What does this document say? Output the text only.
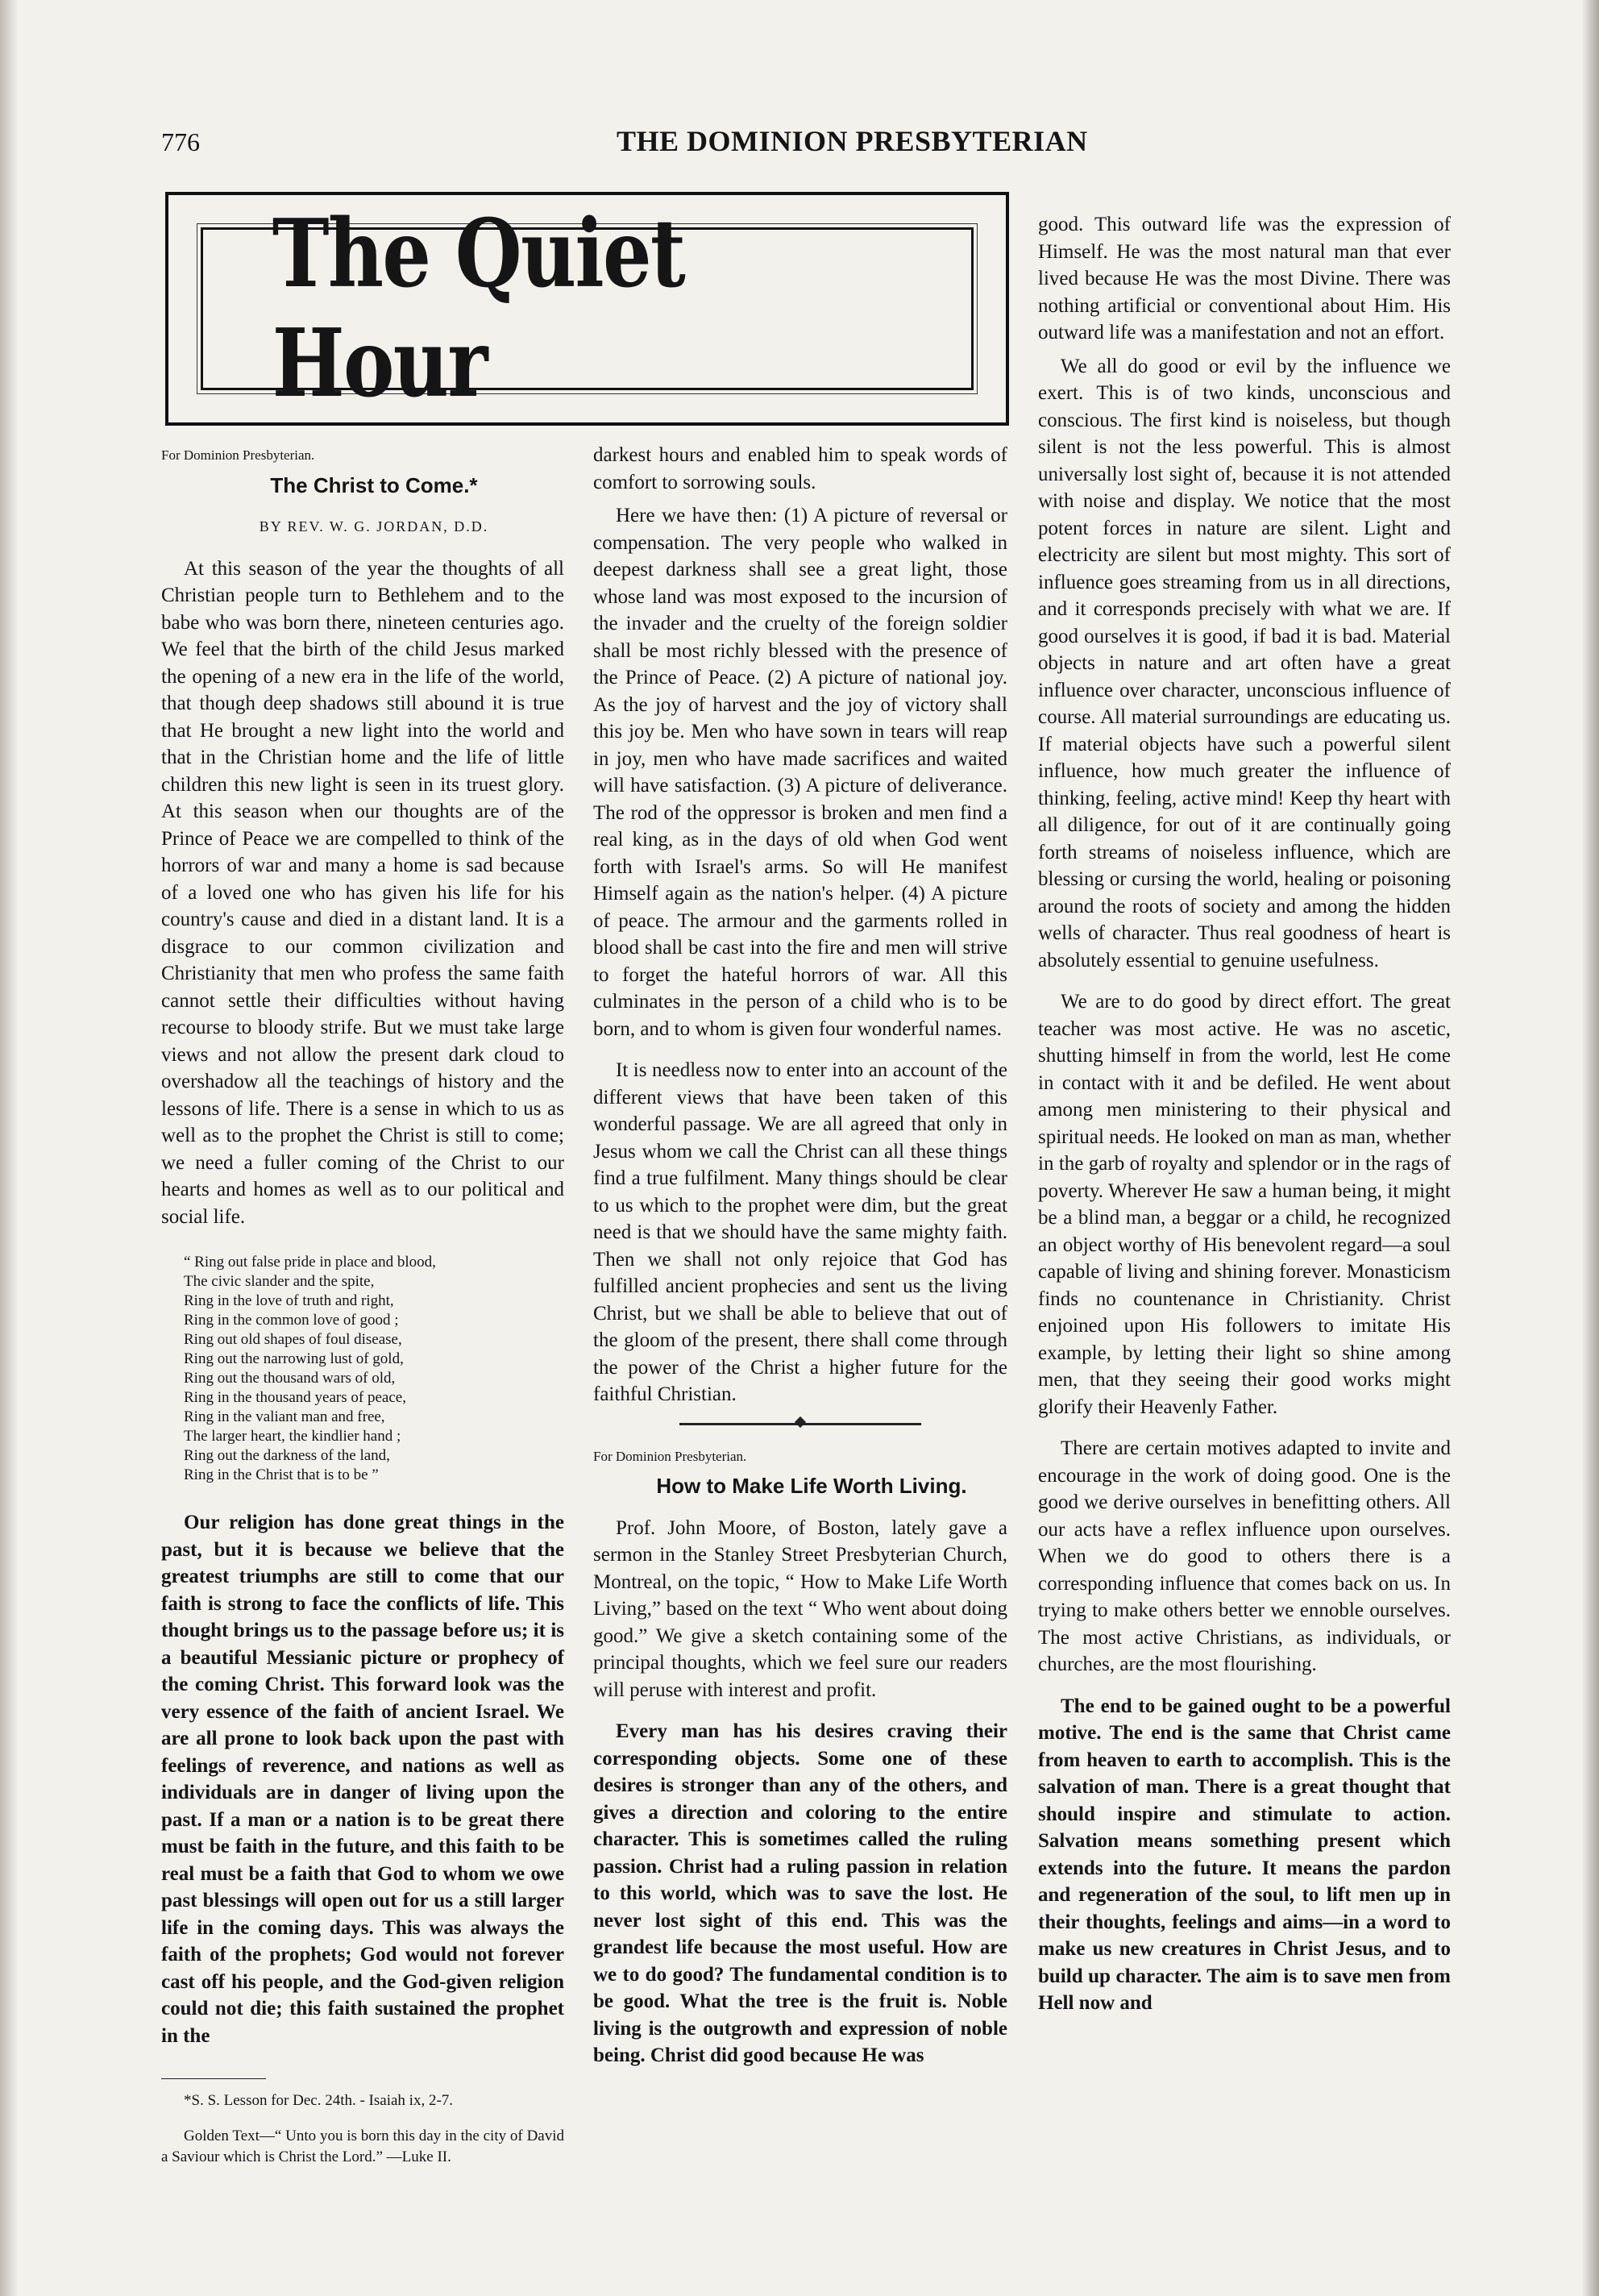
776	THE DOMINION PRESBYTERIAN
The Quiet Hour

For Dominion Presbyterian.

The Christ to Come.*

BY REV. W. G. JORDAN, D.D.

At this season of the year the thoughts of all Christian people turn to Bethlehem and to the babe who was born there, nineteen centuries ago. We feel that the birth of the child Jesus marked the opening of a new era in the life of the world, that though deep shadows still abound it is true that He brought a new light into the world and that in the Christian home and the life of little children this new light is seen in its truest glory. At this season when our thoughts are of the Prince of Peace we are compelled to think of the horrors of war and many a home is sad because of a loved one who has given his life for his country's cause and died in a distant land. It is a disgrace to our common civilization and Christianity that men who profess the same faith cannot settle their difficulties without having recourse to bloody strife. But we must take large views and not allow the present dark cloud to overshadow all the teachings of history and the lessons of life. There is a sense in which to us as well as to the prophet the Christ is still to come; we need a fuller coming of the Christ to our hearts and homes as well as to our political and social life.

“ Ring out false pride in place and blood,
The civic slander and the spite,
Ring in the love of truth and right,
Ring in the common love of good ;
Ring out old shapes of foul disease,
Ring out the narrowing lust of gold,
Ring out the thousand wars of old,
Ring in the thousand years of peace,
Ring in the valiant man and free,
The larger heart, the kindlier hand ;
Ring out the darkness of the land,
Ring in the Christ that is to be ”

Our religion has done great things in the past, but it is because we believe that the greatest triumphs are still to come that our faith is strong to face the conflicts of life. This thought brings us to the passage before us; it is a beautiful Messianic picture or prophecy of the coming Christ. This forward look was the very essence of the faith of ancient Israel. We are all prone to look back upon the past with feelings of reverence, and nations as well as individuals are in danger of living upon the past. If a man or a nation is to be great there must be faith in the future, and this faith to be real must be a faith that God to whom we owe past blessings will open out for us a still larger life in the coming days. This was always the faith of the prophets; God would not forever cast off his people, and the God-given religion could not die; this faith sustained the prophet in the

*S. S. Lesson for Dec. 24th. - Isaiah ix, 2-7.

Golden Text—“ Unto you is born this day in the city of David a Saviour which is Christ the Lord.” —Luke II.

darkest hours and enabled him to speak words of comfort to sorrowing souls.

Here we have then: (1) A picture of reversal or compensation. The very people who walked in deepest darkness shall see a great light, those whose land was most exposed to the incursion of the invader and the cruelty of the foreign soldier shall be most richly blessed with the presence of the Prince of Peace. (2) A picture of national joy. As the joy of harvest and the joy of victory shall this joy be. Men who have sown in tears will reap in joy, men who have made sacrifices and waited will have satisfaction. (3) A picture of deliverance. The rod of the oppressor is broken and men find a real king, as in the days of old when God went forth with Israel's arms. So will He manifest Himself again as the nation's helper. (4) A picture of peace. The armour and the garments rolled in blood shall be cast into the fire and men will strive to forget the hateful horrors of war. All this culminates in the person of a child who is to be born, and to whom is given four wonderful names.

It is needless now to enter into an account of the different views that have been taken of this wonderful passage. We are all agreed that only in Jesus whom we call the Christ can all these things find a true fulfilment. Many things should be clear to us which to the prophet were dim, but the great need is that we should have the same mighty faith. Then we shall not only rejoice that God has fulfilled ancient prophecies and sent us the living Christ, but we shall be able to believe that out of the gloom of the present, there shall come through the power of the Christ a higher future for the faithful Christian.

For Dominion Presbyterian.

How to Make Life Worth Living.

Prof. John Moore, of Boston, lately gave a sermon in the Stanley Street Presbyterian Church, Montreal, on the topic, “ How to Make Life Worth Living,” based on the text “ Who went about doing good.” We give a sketch containing some of the principal thoughts, which we feel sure our readers will peruse with interest and profit.

Every man has his desires craving their corresponding objects. Some one of these desires is stronger than any of the others, and gives a direction and coloring to the entire character. This is sometimes called the ruling passion. Christ had a ruling passion in relation to this world, which was to save the lost. He never lost sight of this end. This was the grandest life because the most useful. How are we to do good? The fundamental condition is to be good. What the tree is the fruit is. Noble living is the outgrowth and expression of noble being. Christ did good because He was

good. This outward life was the expression of Himself. He was the most natural man that ever lived because He was the most Divine. There was nothing artificial or conventional about Him. His outward life was a manifestation and not an effort.

We all do good or evil by the influence we exert. This is of two kinds, unconscious and conscious. The first kind is noiseless, but though silent is not the less powerful. This is almost universally lost sight of, because it is not attended with noise and display. We notice that the most potent forces in nature are silent. Light and electricity are silent but most mighty. This sort of influence goes streaming from us in all directions, and it corresponds precisely with what we are. If good ourselves it is good, if bad it is bad. Material objects in nature and art often have a great influence over character, unconscious influence of course. All material surroundings are educating us. If material objects have such a powerful silent influence, how much greater the influence of thinking, feeling, active mind! Keep thy heart with all diligence, for out of it are continually going forth streams of noiseless influence, which are blessing or cursing the world, healing or poisoning around the roots of society and among the hidden wells of character. Thus real goodness of heart is absolutely essential to genuine usefulness.

We are to do good by direct effort. The great teacher was most active. He was no ascetic, shutting himself in from the world, lest He come in contact with it and be defiled. He went about among men ministering to their physical and spiritual needs. He looked on man as man, whether in the garb of royalty and splendor or in the rags of poverty. Wherever He saw a human being, it might be a blind man, a beggar or a child, he recognized an object worthy of His benevolent regard—a soul capable of living and shining forever. Monasticism finds no countenance in Christianity. Christ enjoined upon His followers to imitate His example, by letting their light so shine among men, that they seeing their good works might glorify their Heavenly Father.

There are certain motives adapted to invite and encourage in the work of doing good. One is the good we derive ourselves in benefitting others. All our acts have a reflex influence upon ourselves. When we do good to others there is a corresponding influence that comes back on us. In trying to make others better we ennoble ourselves. The most active Christians, as individuals, or churches, are the most flourishing.

The end to be gained ought to be a powerful motive. The end is the same that Christ came from heaven to earth to accomplish. This is the salvation of man. There is a great thought that should inspire and stimulate to action. Salvation means something present which extends into the future. It means the pardon and regeneration of the soul, to lift men up in their thoughts, feelings and aims—in a word to make us new creatures in Christ Jesus, and to build up character. The aim is to save men from Hell now and
